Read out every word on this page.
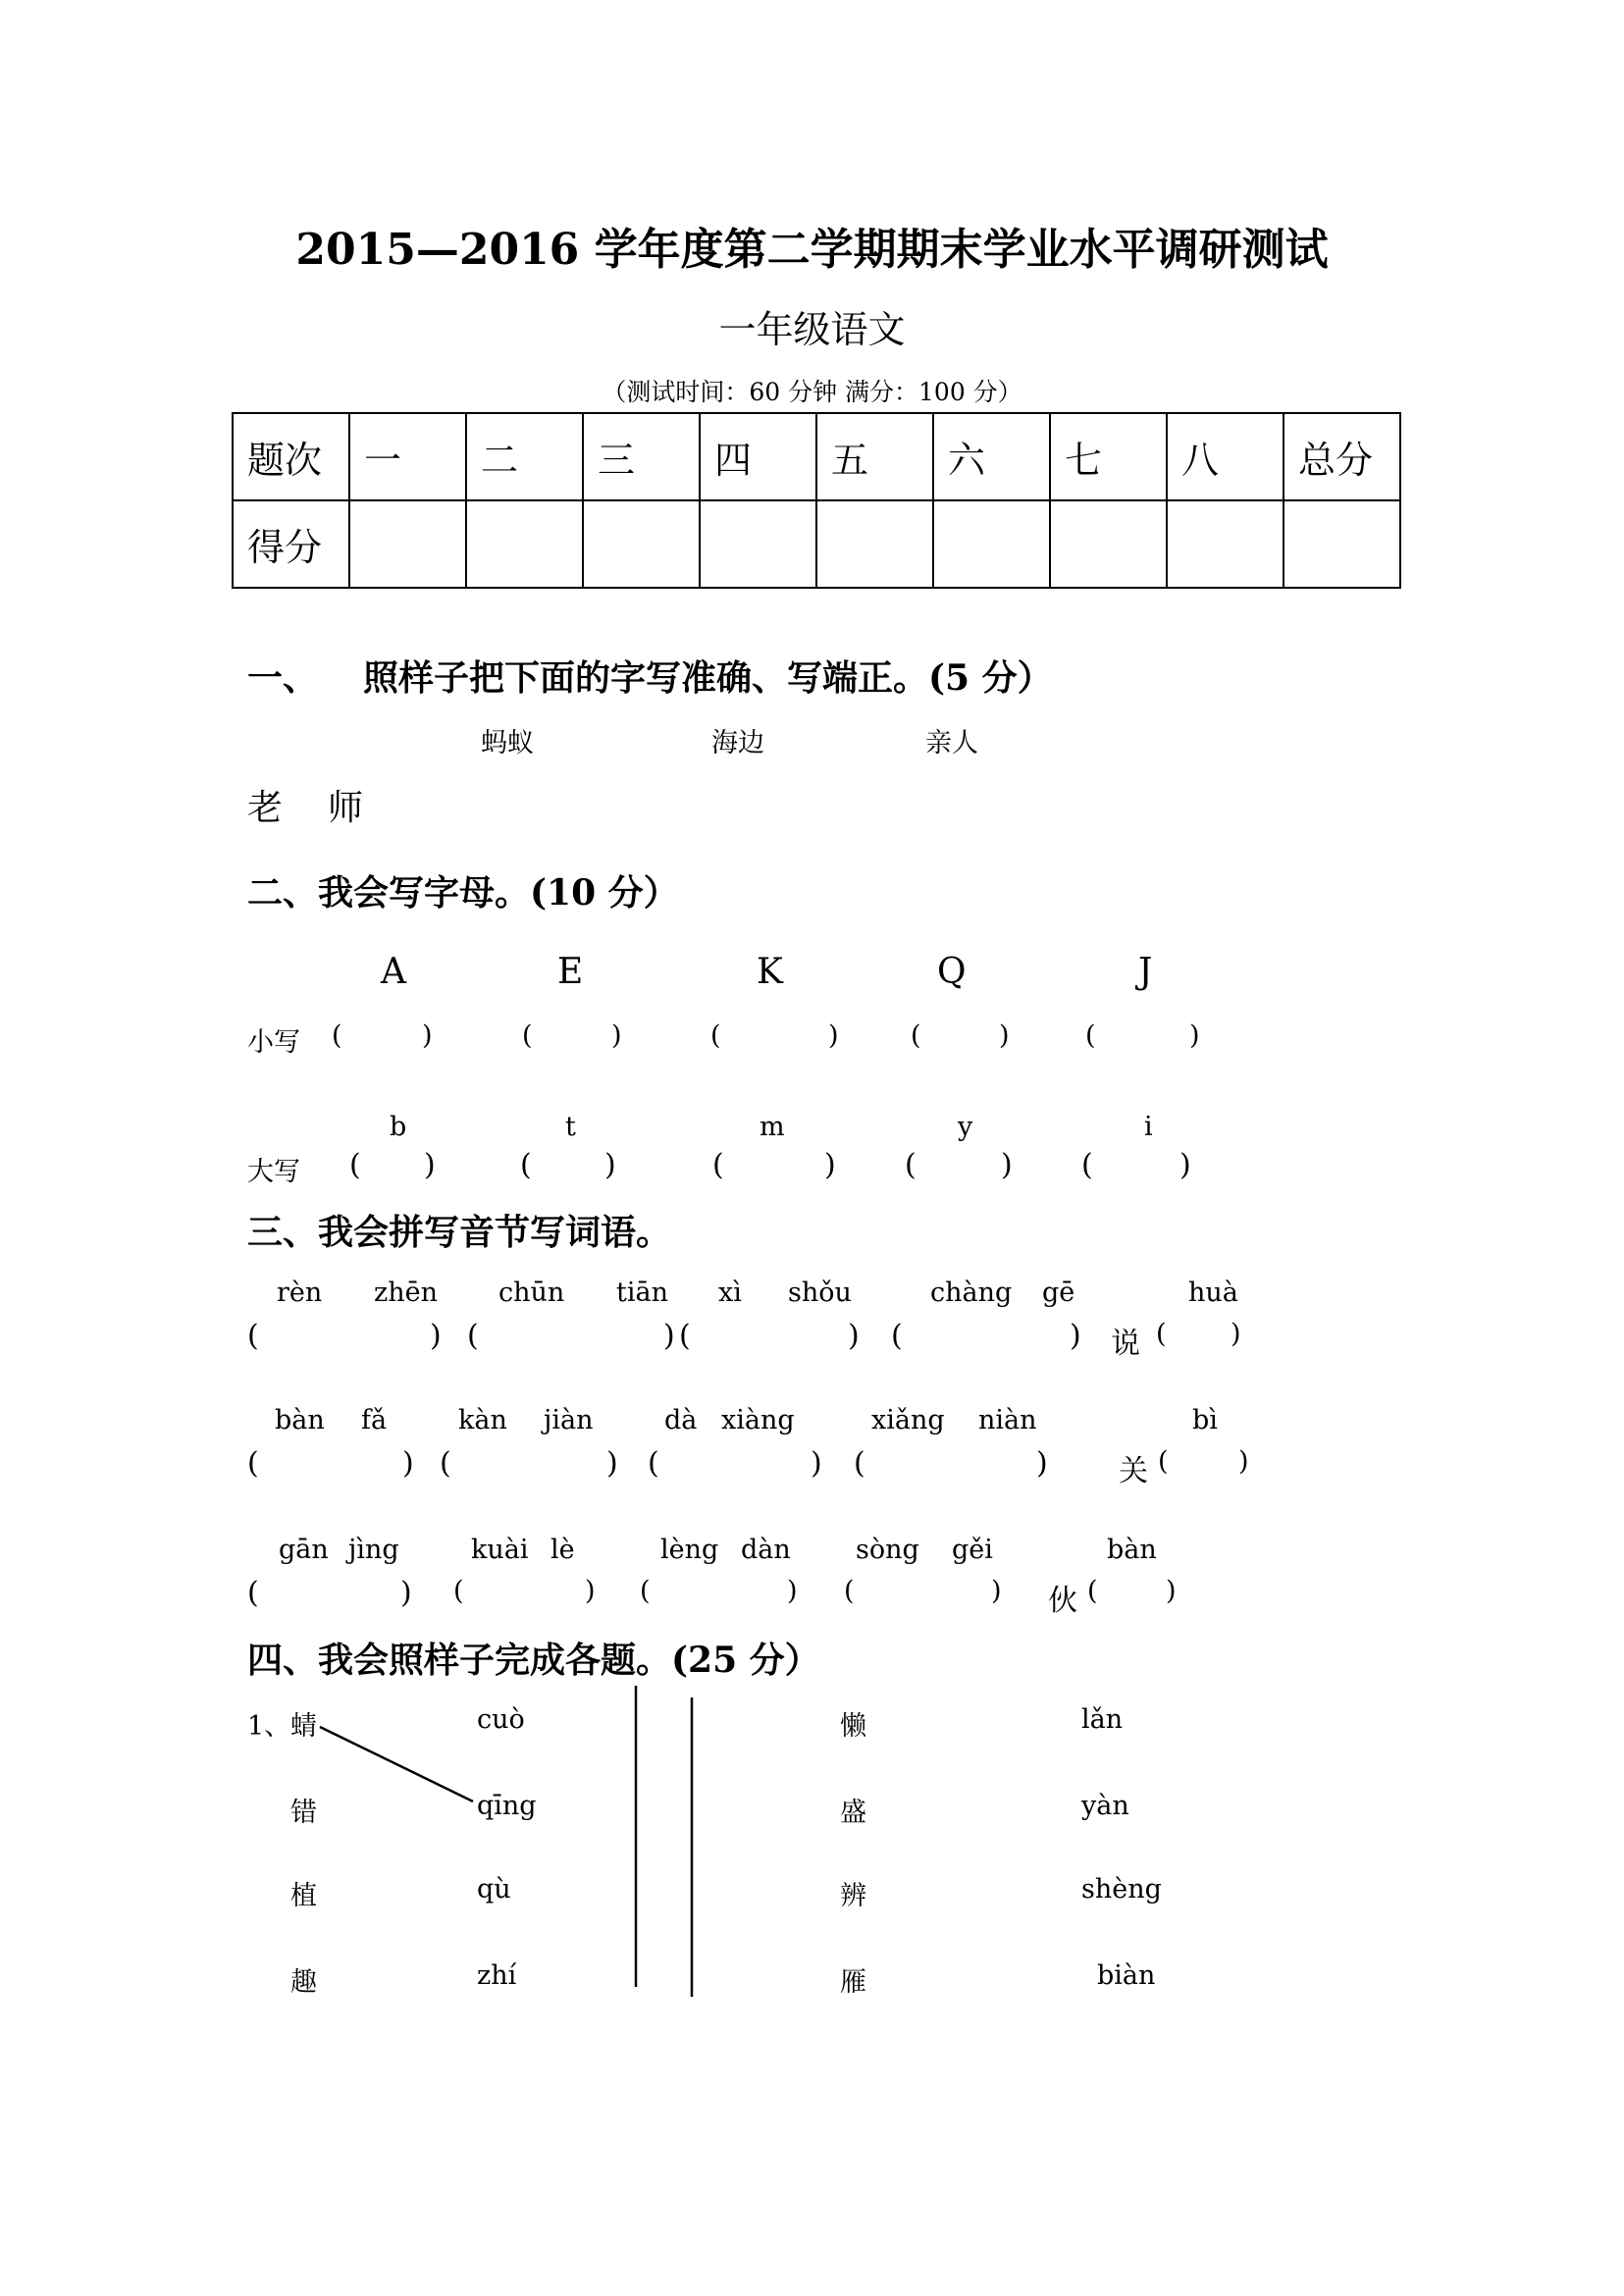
2015—2016 学年度第二学期期末学业水平调研测试
一年级语文
（测试时间：60 分钟 满分：100 分）
题次	一	二	三	四	五	六	七	八	总分
得分									
一、 照样子把下面的字写准确、写端正。(5 分）
蚂蚁	海边	亲人
老 师
二、我会写字母。(10 分）
A	E	K	Q	J
小写 (	)	(	)	(	)	(	)	(	)
b	t	m	y	i
大写 ( )	( )	(	) (	) (	)
三、我会拼写音节写词语。
rèn zhēn chūn tiān xì shǒu	chàng gē	huà
(	) (	) (	) (	) 说 ( )
bàn fǎ	kàn jiàn	dà xiàng	xiǎng niàn	bì
(	) (	) (	) (	) 关 (	)
gān jìng	kuài lè	lèng dàn sòng gěi	bàn
(	) (	) (	) (	) 伙 (	)
四、我会照样子完成各题。(25 分）
1、 蜻
错
植
趣
cuò
qīng
qù
zhí
懒
盛
辨
雁
lǎn
yàn
shèng
biàn
